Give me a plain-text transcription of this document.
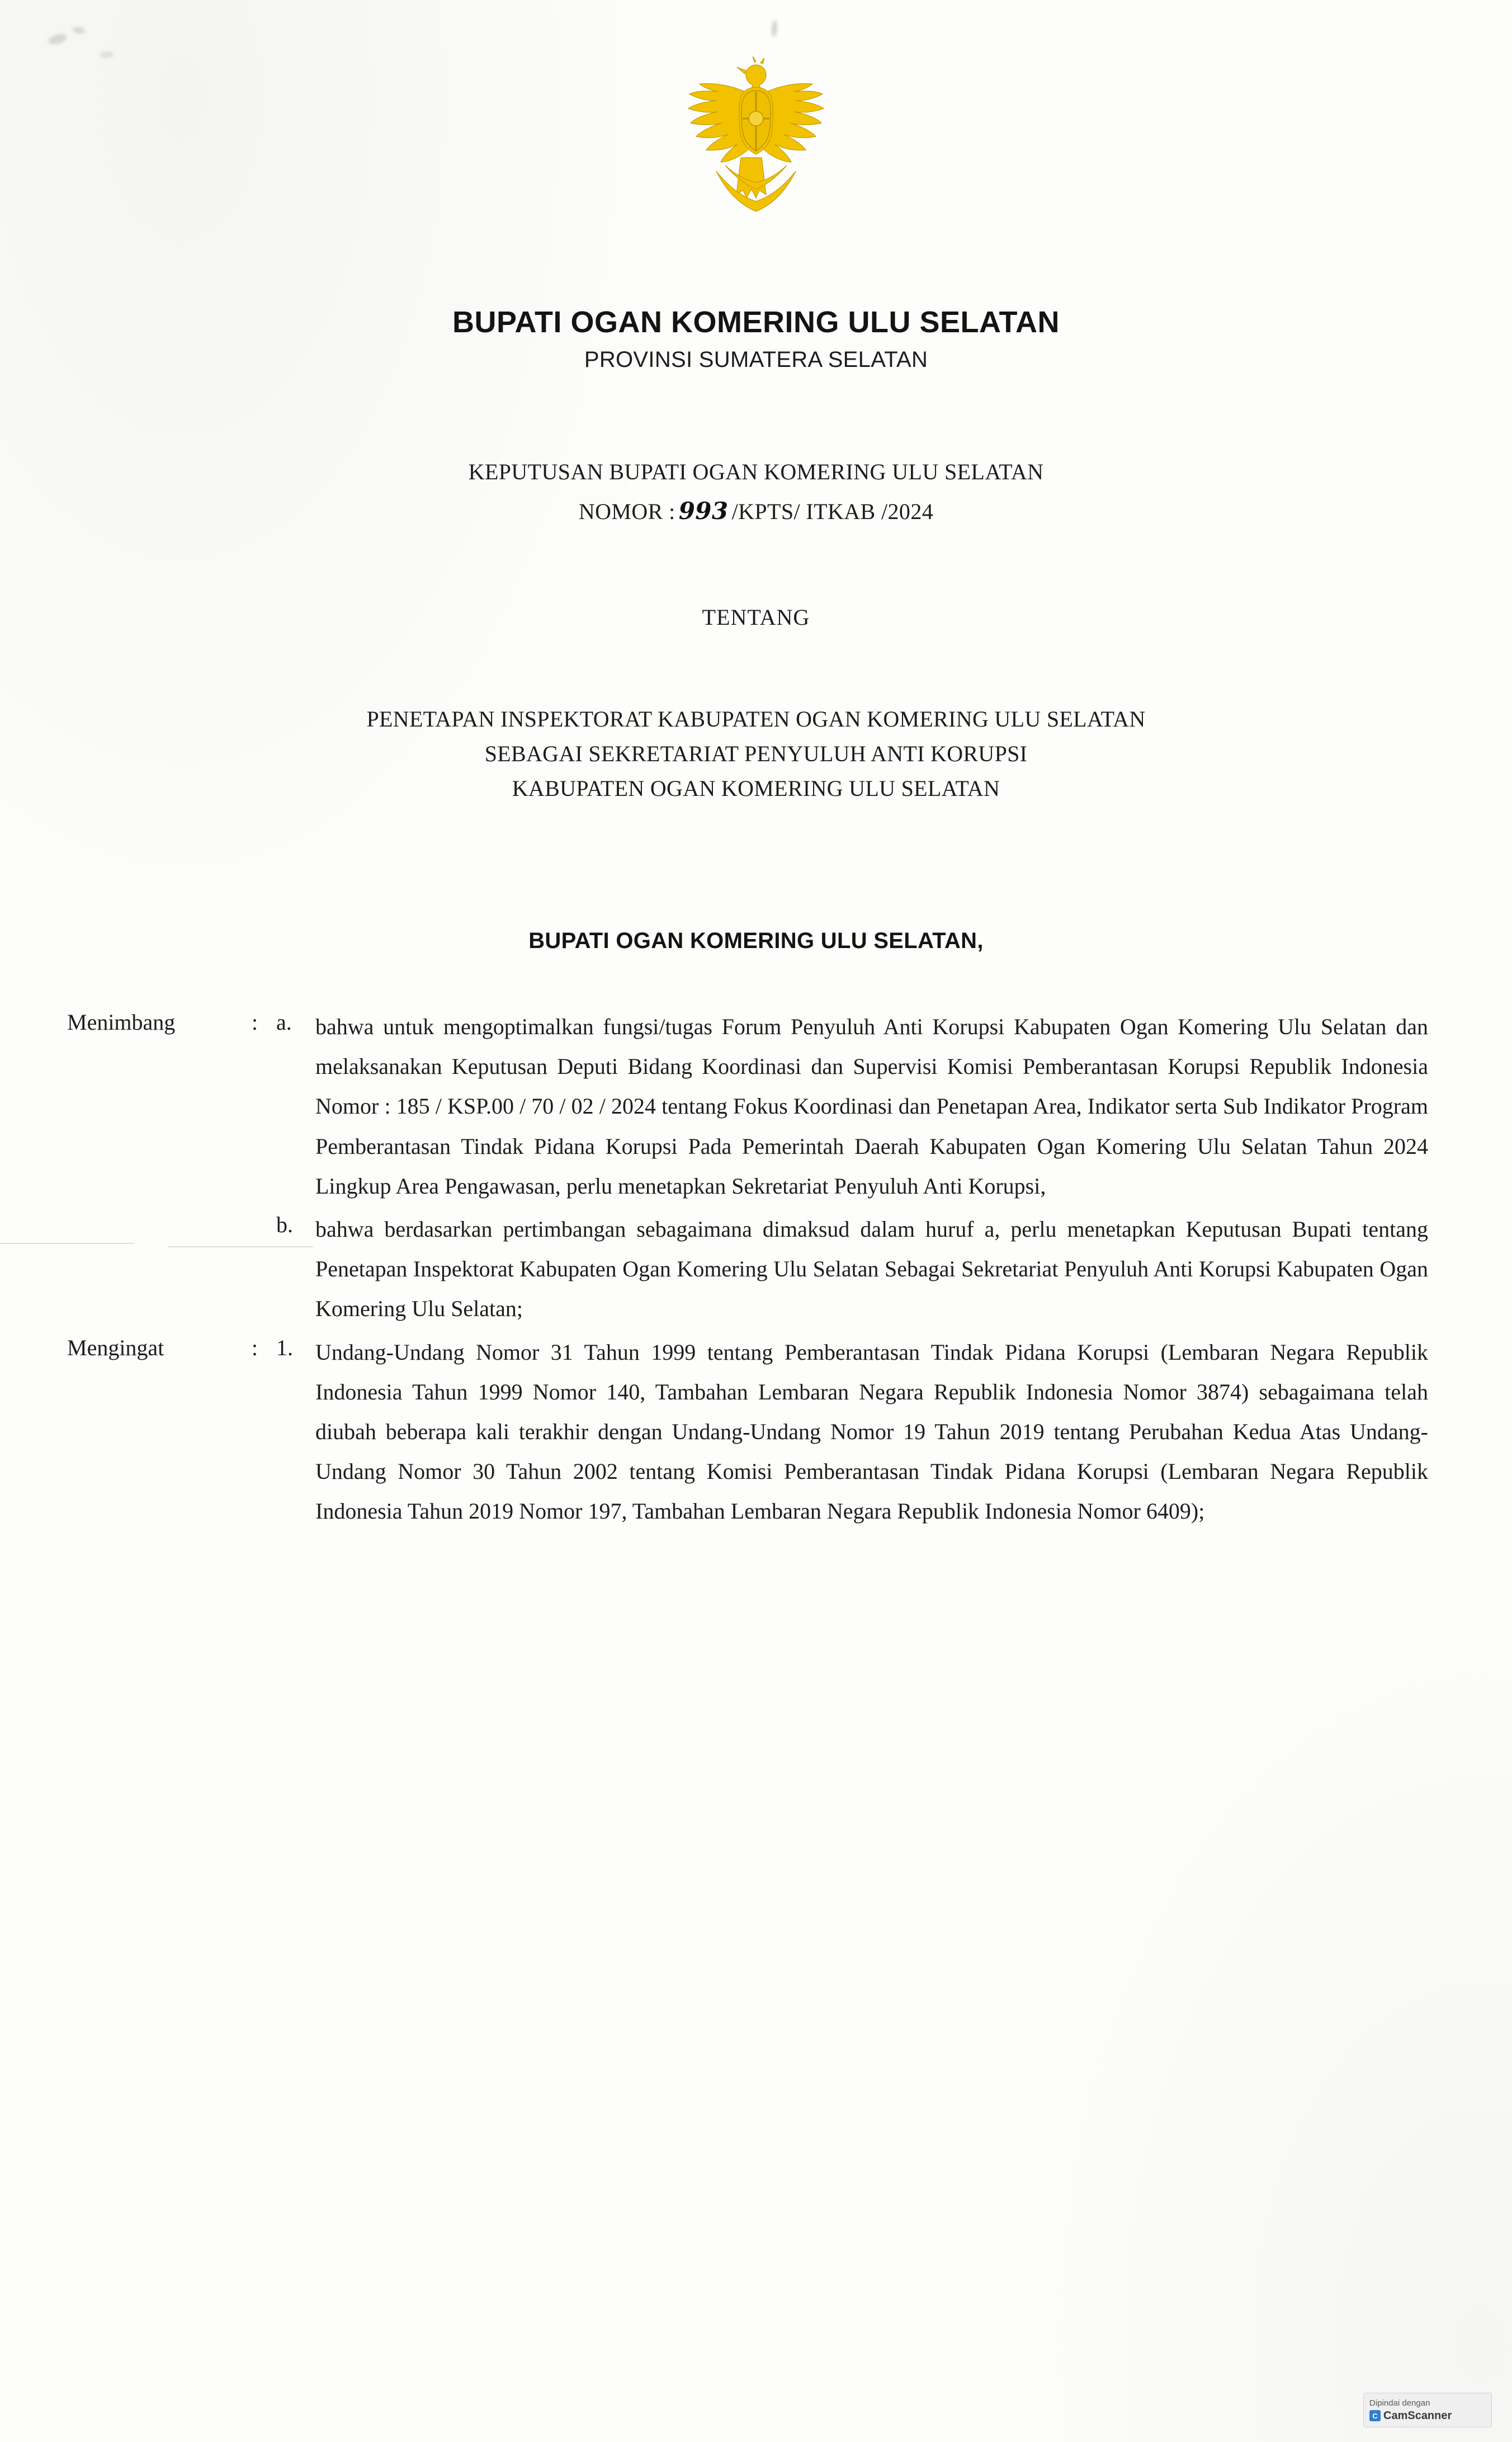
BUPATI OGAN KOMERING ULU SELATAN
PROVINSI SUMATERA SELATAN
KEPUTUSAN BUPATI OGAN KOMERING ULU SELATAN
NOMOR : 993 /KPTS/ ITKAB /2024
TENTANG
PENETAPAN INSPEKTORAT KABUPATEN OGAN KOMERING ULU SELATAN
SEBAGAI SEKRETARIAT PENYULUH ANTI KORUPSI
KABUPATEN OGAN KOMERING ULU SELATAN
BUPATI OGAN KOMERING ULU SELATAN,
Menimbang	: a.	bahwa untuk mengoptimalkan fungsi/tugas Forum Penyuluh Anti Korupsi Kabupaten Ogan Komering Ulu Selatan dan melaksanakan Keputusan Deputi Bidang Koordinasi dan Supervisi Komisi Pemberantasan Korupsi Republik Indonesia Nomor : 185 / KSP.00 / 70 / 02 / 2024 tentang Fokus Koordinasi dan Penetapan Area, Indikator serta Sub Indikator Program Pemberantasan Tindak Pidana Korupsi Pada Pemerintah Daerah Kabupaten Ogan Komering Ulu Selatan Tahun 2024 Lingkup Area Pengawasan, perlu menetapkan Sekretariat Penyuluh Anti Korupsi,
b.	bahwa berdasarkan pertimbangan sebagaimana dimaksud dalam huruf a, perlu menetapkan Keputusan Bupati tentang Penetapan Inspektorat Kabupaten Ogan Komering Ulu Selatan Sebagai Sekretariat Penyuluh Anti Korupsi Kabupaten Ogan Komering Ulu Selatan;
Mengingat	: 1.	Undang-Undang Nomor 31 Tahun 1999 tentang Pemberantasan Tindak Pidana Korupsi (Lembaran Negara Republik Indonesia Tahun 1999 Nomor 140, Tambahan Lembaran Negara Republik Indonesia Nomor 3874) sebagaimana telah diubah beberapa kali terakhir dengan Undang-Undang Nomor 19 Tahun 2019 tentang Perubahan Kedua Atas Undang-Undang Nomor 30 Tahun 2002 tentang Komisi Pemberantasan Tindak Pidana Korupsi (Lembaran Negara Republik Indonesia Tahun 2019 Nomor 197, Tambahan Lembaran Negara Republik Indonesia Nomor 6409);
Dipindai dengan
C CamScanner
